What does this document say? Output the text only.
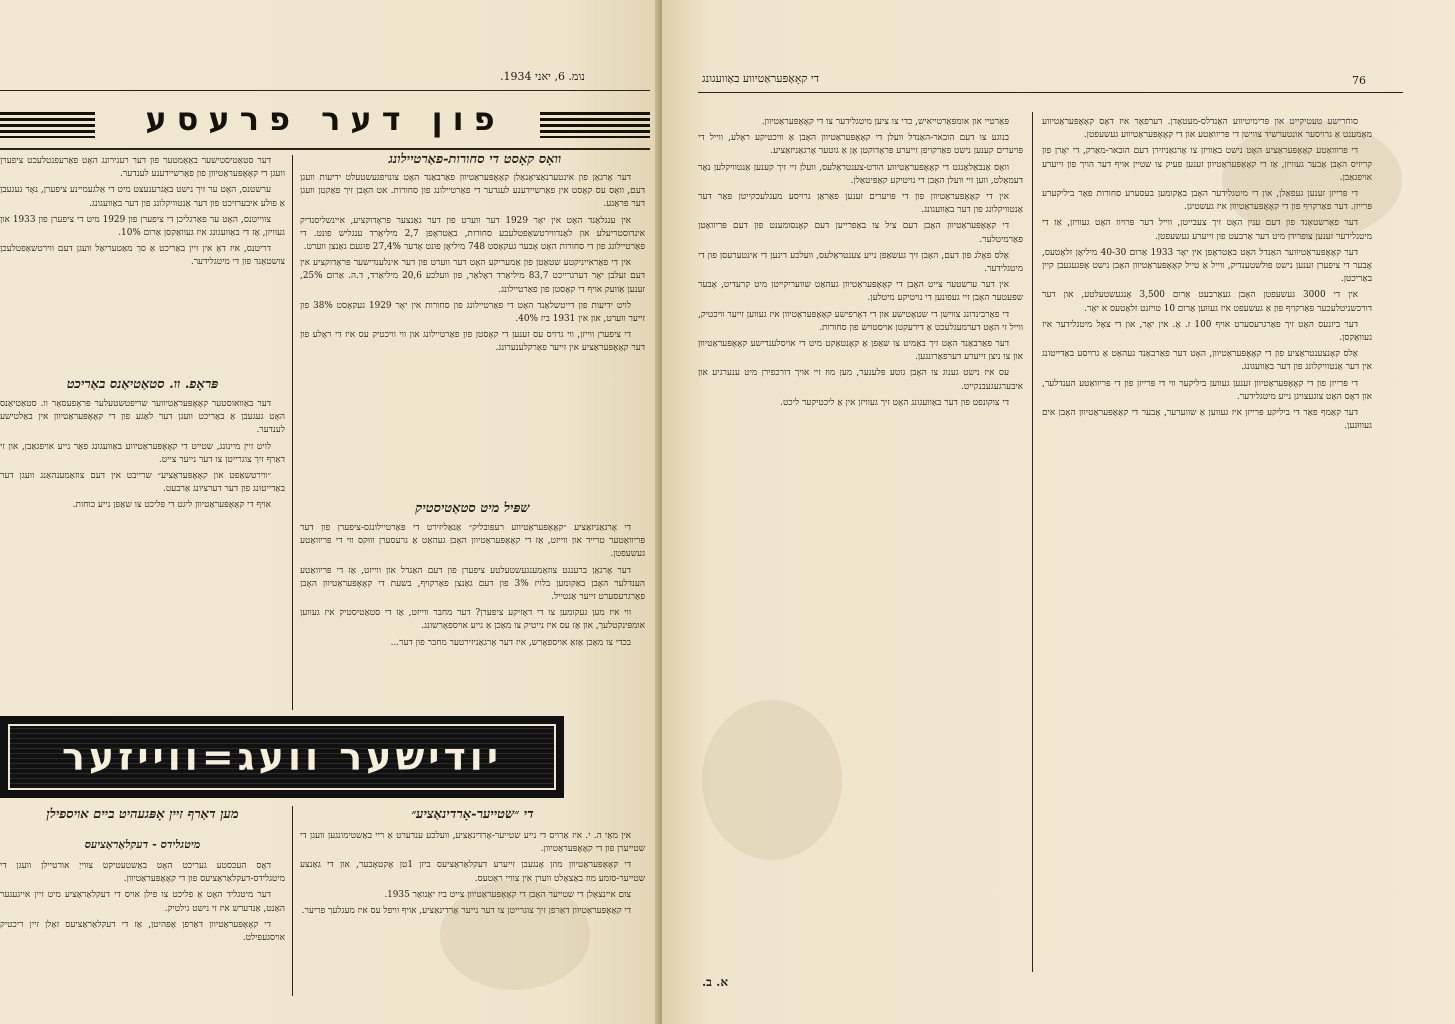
נומ. 6, יאני 1934.
פון דער פרעסע
וואָס קאָסט די סחורות-פאַרטיילונג

דער אָרגאַן פון אינטערנאַציאָנאַלן קאָאָפּעראַטיוון פאַרבאַנד האָט צונויפגעשטעלט ידיעות וועגן דעם, וואָס עס קאָסט אין פאַרשיידענע לענדער די פאַרטיילונג פון סחורות. אט האָבן זיך פאַקטן וועגן דער פראַגע.

אין ענגלאַנד האָט אין יאָר 1929 דער ווערט פון דער גאַנצער פּראָדוקציע, איינשליסנדיק אינדוסטריעלע און לאַנדווירטשאַפטלעכע סחורות, באַטראָפן 2,7 מיליאַרד ענגליש פונט. די פאַרטיילונג פון די סחורות האָט אָבער געקאָסט 748 מיליאָן פונט אָדער 27,4% פונעם גאַנצן ווערט.

אין די פאַראייניקטע שטאַטן פון אַמעריקע האָט דער ווערט פון דער אינלענדישער פּראָדוקציע אין דעם זעלבן יאָר דערגרייכט 83,7 מיליאַרד דאָלאַר, פון וועלכע 20,6 מיליאַרד, ד.ה. אַרום 25%, זענען אַוועק אויף די קאָסטן פון פאַרטיילונג.

לויט ידיעות פון דייטשלאַנד האָט די פאַרטיילונג פון סחורות אין יאָר 1929 געקאָסט 38% פון זייער ווערט, און אין 1931 ביז 40%.

די ציפערן ווייזן, ווי גרויס עס זענען די קאָסטן פון פאַרטיילונג און ווי וויכטיק עס איז די ראָלע פון דער קאָאָפּעראַציע אין זייער פאַרקלענערונג.

דער סטאַטיסטישער באַאַמטער פון דער רעגירונג האָט פאַרעפנטלעכט ציפערן וועגן די קאָאָפּעראַטיוון פון פאַרשיידענע לענדער.

ערשטנס, האָט ער זיך נישט באַגרענעצט מיט די אַלגעמיינע ציפערן, נאָר געגעבן אַ פולע איבערזיכט פון דער אַנטוויקלונג פון דער באַוועגונג.

צווייטנס, האָט ער פאַרגליכן די ציפערן פון 1929 מיט די ציפערן פון 1933 און געוויזן, אַז די באַוועגונג איז געוואַקסן אַרום 10%.

דריטנס, איז דאָ אין זיין באַריכט אַ סך מאַטעריאַל וועגן דעם ווירטשאַפטלעכן צושטאַנד פון די מיטגלידער.

פּראָפ. וו. סטאַטיאַנס באַריכט

דער באַוואוסטער קאָאָפּעראַטיווער שריפטשטעלער פּראָפעסאָר וו. סטאַטיאַנס האָט געגעבן אַ באַריכט וועגן דער לאַגע פון די קאָאָפּעראַטיוון אין באַלטישע לענדער.

לויט זיין מיינונג, שטייט די קאָאָפּעראַטיווע באַוועגונג פאַר נייע אויפגאַבן, און זי דאַרף זיך צוגרייטן צו דער נייער צייט.

״ווירטשאַפט און קאָאָפּעראַציע״ שרייבט אין דעם צוזאַמענהאַנג וועגן דער באַדייטונג פון דער דערציונג אַרבעט.

אויף די קאָאָפּעראַטיוון ליגט די פליכט צו שאַפן נייע כוחות.	שפּיל מיט סטאַטיסטיק

די אָרגאַניזאַציע ״קאָאָפּעראַטיווע רעפּובליק״ אַנאַליזירט די פּאַרטיילונגס-ציפערן פון דער פּריוואַטער טרייד און ווייזט, אַז די קאָאָפּעראַטיוון האָבן געהאַט אַ גרעסערן וווּקס ווי די פּריוואַטע געשעפטן.

דער אָרגאַן ברענגט צוזאַמענגעשטעלטע ציפערן פון דעם האַנדל און ווייזט, אַז די פּריוואַטע הענדלער האָבן באַקומען בלויז 3% פון דעם גאַנצן פאַרקויף, בשעת די קאָאָפּעראַטיוון האָבן פאַרגרעסערט זייער אַנטייל.

ווי איז מען געקומען צו די דאָזיקע ציפערן? דער מחבר ווייזט, אַז די סטאַטיסטיק איז געווען אומפּינקטלעך, און אַז עס איז נייטיק צו מאַכן אַ נייע אויספאָרשונג.

בכדי צו מאַכן אַזאַ אויספאָרש, איז דער אָרגאַניזירטער מחבר פון דער...

יודישער וועג=ווייזער
מען דאַרף זיין אָפּגעהיט בײם אויספילן
מיטגלידס - דעקלאַראַציעס

דאָס העכסטע געריכט האָט באַשטעטיקט צווייַ אורטיילן וועגן די מיטגלידס-דעקלאַראַציעס פון די קאָאָפּעראַטיוון.

דער מיטגליד האָט אַ פליכט צו פילן אויס די דעקלאַראַציע מיט זיין אייגענער האַנט, אַנדערש איז זי נישט גילטיק.

די קאָאָפּעראַטיוון דאַרפן אָפּהיטן, אַז די דעקלאַראַציעס זאָלן זיין ריכטיק אויסגעפילט.

די ״שטייער-אָרדינאַציע״

אין מאַי ה. י. איז אַרויס די נייע שטייער-אָרדינאַציע, וועלכע ענדערט אַ ריי באַשטימונגען וועגן די שטייערן פון די קאָאָפּעראַטיוון.

די קאָאָפּעראַטיוון מוזן אָנגעבן זייערע דעקלאַראַציעס ביזן 1טן אָקטאָבער, און די גאַנצע שטייער-סומע מוז באַצאָלט ווערן אין צוויי ראַטעס.

צום איינצאָלן די שטייער האָבן די קאָאָפּעראַטיוון צייט ביז יאַנואַר 1935.

די קאָאָפּעראַטיוון דאַרפן זיך צוגרייטן צו דער נייער אָרדינאַציע, אויף וויפל עס איז מעגלעך פריער.

די קאָאָפּעראַטיווע באַוועגונג	76

סוחרישע טעטיקייט און פּרימיטיווע האַנדלס-מעטאָדן. דערפאַר איז דאָס קאָאָפּעראַטיווע מאָמענט אַ גרויסער אונטערשיד צווישן די פּריוואַטע און די קאָאָפּעראַטיווע געשעפטן.

די פּרווואַטע קאָאָפּעראַציע האָט נישט באַוויזן צו אָרגאַניזירן דעם הובאר-מאַרק, די יאָרן פון קריזיס האָבן אָבער געוויזן, אַז די קאָאָפּעראַטיוון זענען פעיק צו שטיין אויף דער הויך פון זייערע אויפגאַבן.

די פּרייזן זענען געפאַלן, און די מיטגלידער האָבן באַקומען בעסערע סחורות פאַר ביליקערע פּרייזן. דער פאַרקויף פון די קאָאָפּעראַטיוון איז געשטיגן.

דער פאַרשטאַנד פון דעם ענין האָט זיך צעבייטן, ווייל דער פּרויוו האָט געוויזן, אַז די מיטגלידער זענען צופרידן מיט דער אַרבעט פון זייערע געשעפטן.

דער קאָאָפּעראַטיווער האַנדל האָט באַטראָפן אין יאָר 1933 אַרום 40-30 מיליאָן זלאָטעס, אָבער די ציפערן זענען נישט פולשטענדיק, ווייל אַ טייל קאָאָפּעראַטיוון האָבן נישט אָפּגעגעבן קיין באַריכטן.

אין די 3000 געשעפטן האָבן געאַרבעט אַרום 3,500 אָנגעשטעלטע, און דער דורכשניטלעכער פאַרקויף פון אַ געשעפט איז געווען אַרום 10 טויזנט זלאָטעס א יאָר.

דער ביזנעס האָט זיך פאַרגרעסערט אויף 100 ז. אָ. אין יאָר, און די צאָל מיטגלידער איז געוואַקסן.

אַלס קאָנצענטראַציע פון די קאָאָפּעראַטיוון, האָט דער פאַרבאַנד געהאַט אַ גרויסע באַדייטונג אין דער אַנטוויקלונג פון דער באַוועגונג.

די פּרייזן פון די קאָאָפּעראַטיוון זענען געווען ביליקער ווי די פּרייזן פון די פּריוואַטע הענדלער, און דאָס האָט צוגעצויגן נייע מיטגלידער.

דער קאַמף פאַר די ביליקע פּרייזן איז געווען אַ שווערער, אָבער די קאָאָפּעראַטיוון האָבן אים געוווּנען.

פּאַרטיי און אומפּאַרטייאיש, כדי צו ציען מיטגלידער צו די קאָאָפּעראַטיוון.

בנוגע צו דעם הובאר-האַנדל וועלן די קאָאָפּעראַטיוון האָבן אַ וויכטיקע ראָלע, ווייל די פּויערים קענען נישט פאַרקויפן זייערע פּראָדוקטן אָן אַ גוטער אָרגאַניזאַציע.

וואָס אַנבאַלאַנגט די קאָאָפּעראַטיווע הורט-צענטראַלעס, וועלן זיי זיך קענען אַנטוויקלען נאָר דעמאָלט, ווען זיי וועלן האָבן די נויטיקע קאַפּיטאַלן.

אין די קאָאָפּעראַטיוון פון די פּויערים זענען פאַראַן גרויסע מעגלעכקייטן פאַר דער אַנטוויקלונג פון דער באַוועגונג.

די קאָאָפּעראַטיוון האָבן דעם ציל צו באַפרייען דעם קאָנסומענט פון דעם פּריוואַטן פאַרמיטלער.

אַלס פאָלג פון דעם, האָבן זיך געשאַפן נייע צענטראַלעס, וועלכע דינען די אינטערעסן פון די מיטגלידער.

אין דער ערשטער צייט האָבן די קאָאָפּעראַטיוון געהאַט שוועריקייטן מיט קרעדיט, אָבער שפּעטער האָבן זיי געפונען די נויטיקע מיטלען.

די פאַרבינדונג צווישן די שטאָטישע און די דאָרפישע קאָאָפּעראַטיוון איז געווען זייער וויכטיק, ווייל זי האָט דערמעגלעכט אַ דירעקטן אויסטויש פון סחורות.

דער פאַרבאַנד האָט זיך באַמיט צו שאַפן אַ קאָנטאַקט מיט די אויסלענדישע קאָאָפּעראַטיוון און צו ניצן זייערע דערפאַרונגען.

עס איז נישט גענוג צו האָבן גוטע פּלענער, מען מוז זיי אויך דורכפירן מיט ענערגיע און איבערגעגעבנקייט.

די צוקונפט פון דער באַוועגונג האָט זיך געוויזן אין אַ ליכטיקער ליכט.

א. ב.
